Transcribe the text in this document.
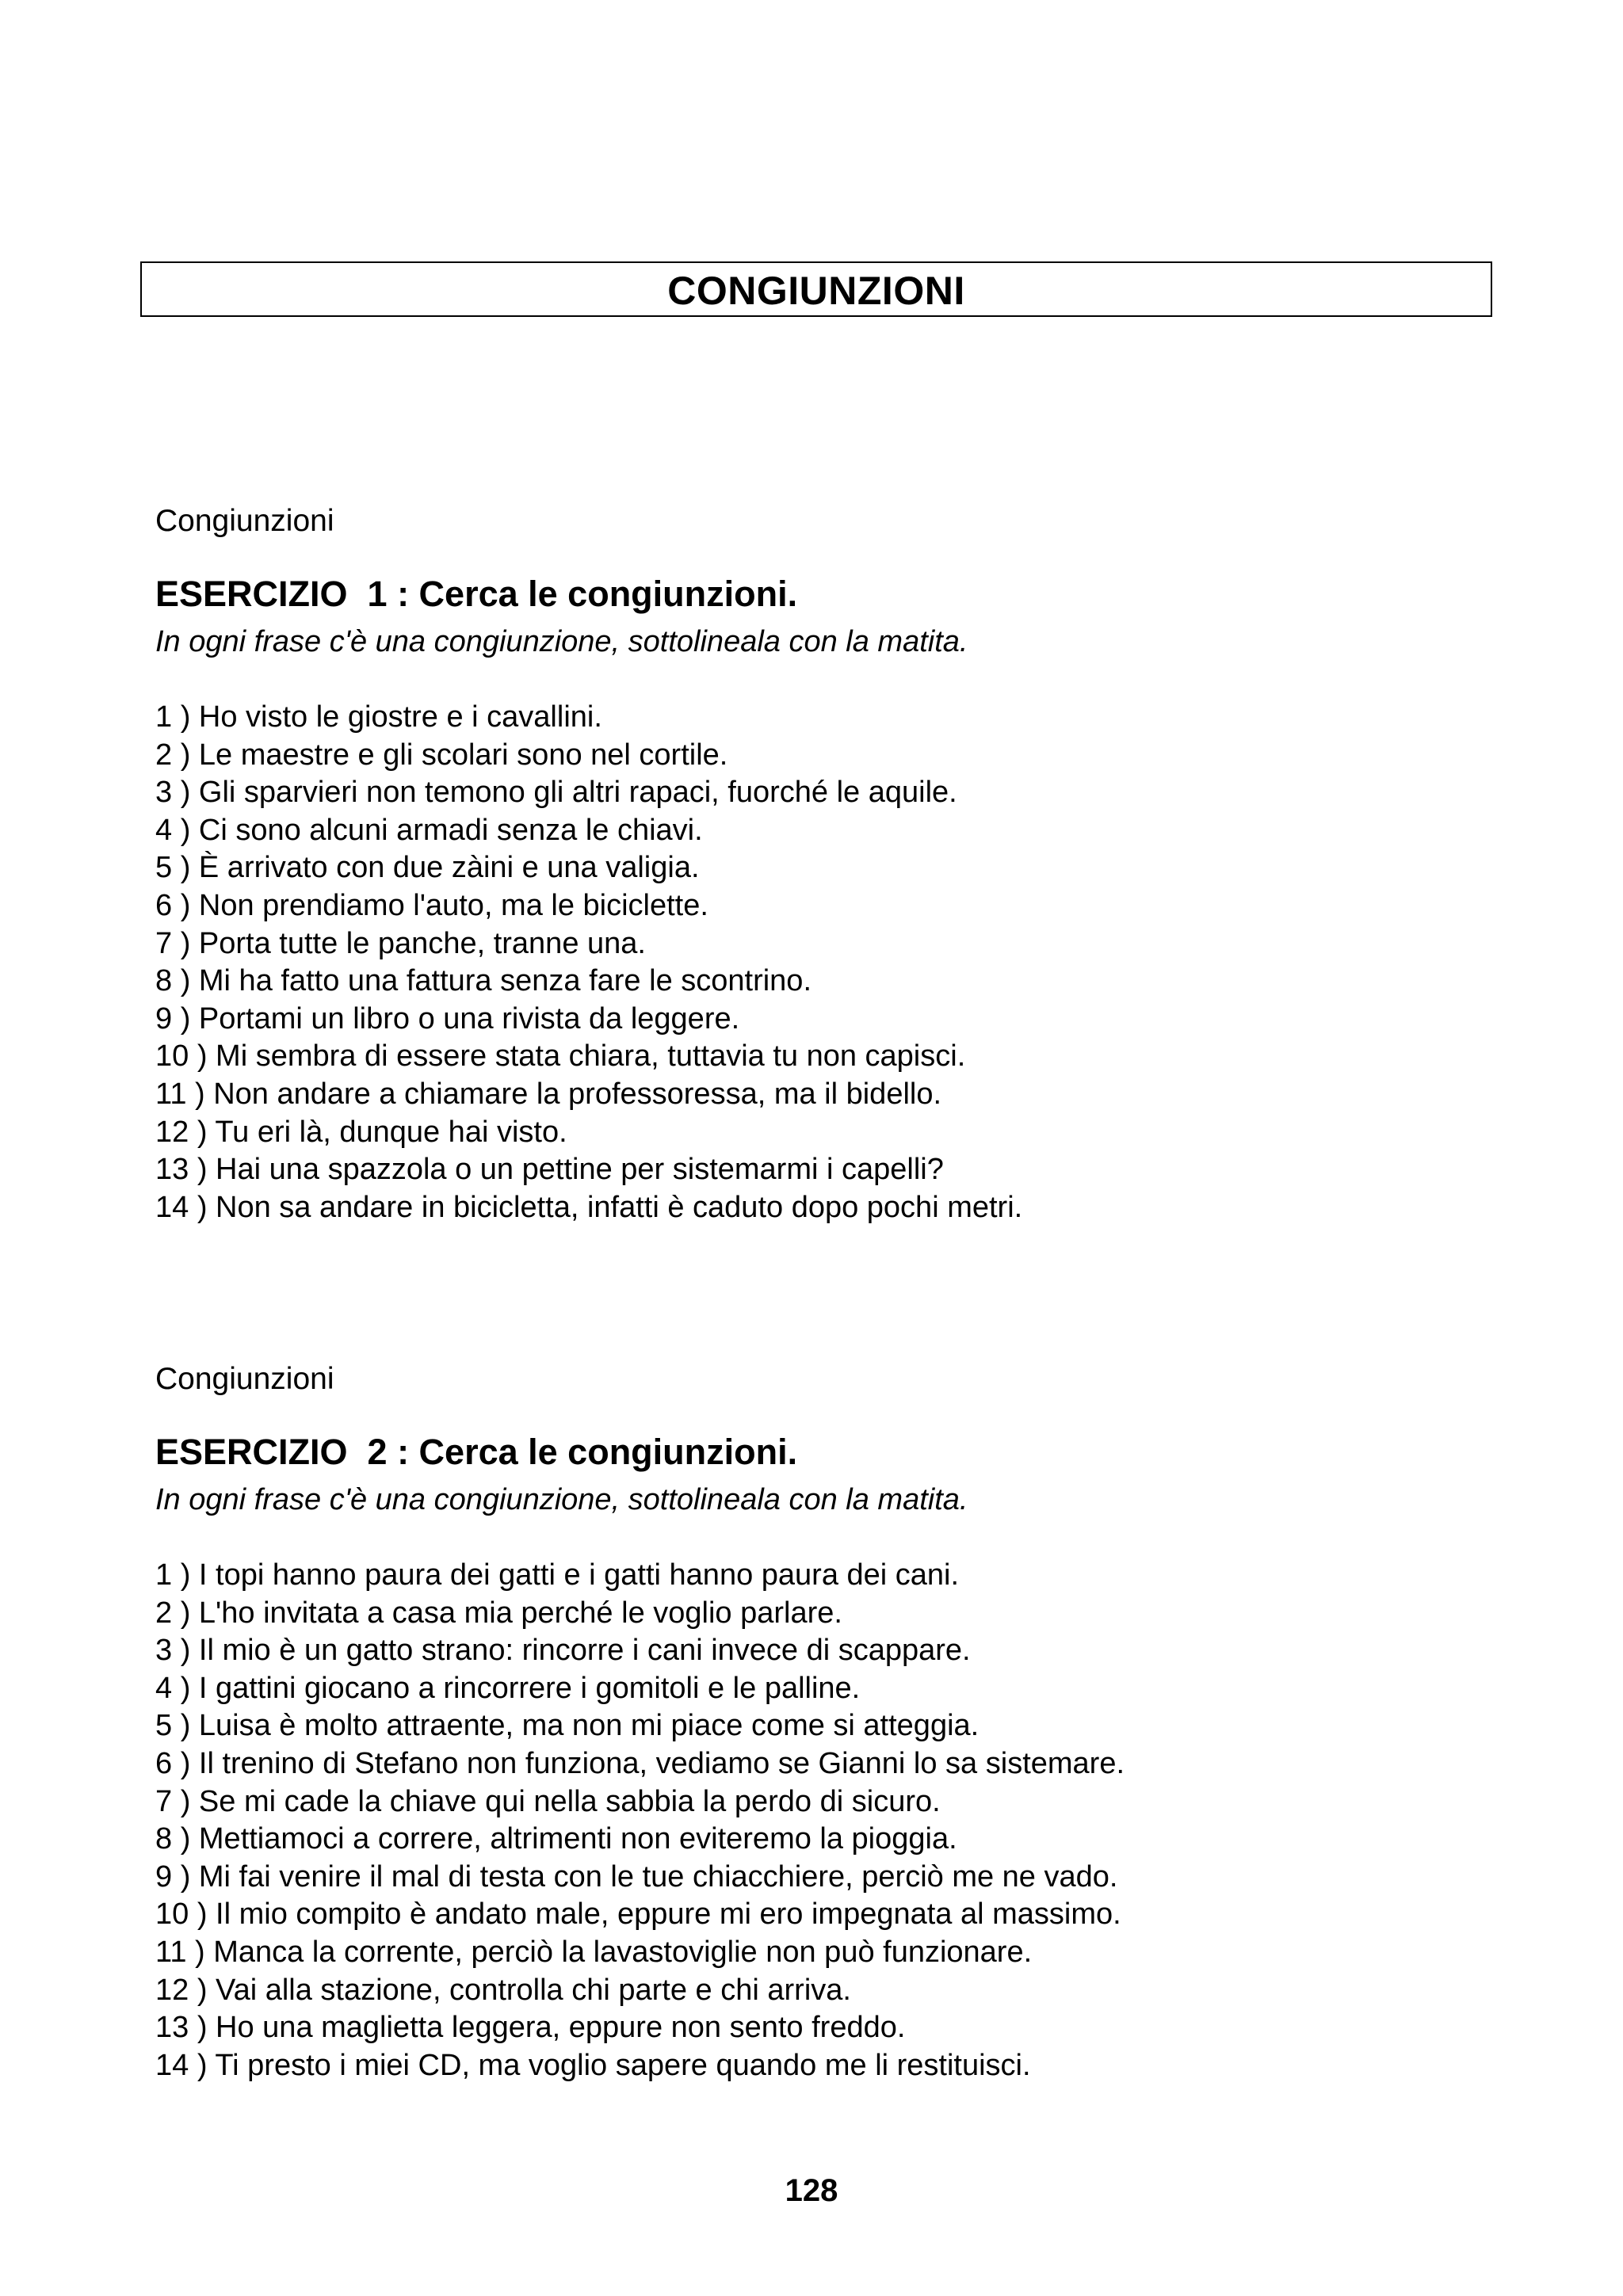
CONGIUNZIONI
Congiunzioni
ESERCIZIO  1 : Cerca le congiunzioni.
In ogni frase c'è una congiunzione, sottolineala con la matita.
1 ) Ho visto le giostre e i cavallini.
2 ) Le maestre e gli scolari sono nel cortile.
3 ) Gli sparvieri non temono gli altri rapaci, fuorché le aquile.
4 ) Ci sono alcuni armadi senza le chiavi.
5 ) È arrivato con due zàini e una valigia.
6 ) Non prendiamo l'auto, ma le biciclette.
7 ) Porta tutte le panche, tranne una.
8 ) Mi ha fatto una fattura senza fare le scontrino.
9 ) Portami un libro o una rivista da leggere.
10 ) Mi sembra di essere stata chiara, tuttavia tu non capisci.
11 ) Non andare a chiamare la professoressa, ma il bidello.
12 ) Tu eri là, dunque hai visto.
13 ) Hai una spazzola o un pettine per sistemarmi i capelli?
14 ) Non sa andare in bicicletta, infatti è caduto dopo pochi metri.
Congiunzioni
ESERCIZIO  2 : Cerca le congiunzioni.
In ogni frase c'è una congiunzione, sottolineala con la matita.
1 ) I topi hanno paura dei gatti e i gatti hanno paura dei cani.
2 ) L'ho invitata a casa mia perché le voglio parlare.
3 ) Il mio è un gatto strano: rincorre i cani invece di scappare.
4 ) I gattini giocano a rincorrere i gomitoli e le palline.
5 ) Luisa è molto attraente, ma non mi piace come si atteggia.
6 ) Il trenino di Stefano non funziona, vediamo se Gianni lo sa sistemare.
7 ) Se mi cade la chiave qui nella sabbia la perdo di sicuro.
8 ) Mettiamoci a correre, altrimenti non eviteremo la pioggia.
9 ) Mi fai venire il mal di testa con le tue chiacchiere, perciò me ne vado.
10 ) Il mio compito è andato male, eppure mi ero impegnata al massimo.
11 ) Manca la corrente, perciò la lavastoviglie non può funzionare.
12 ) Vai alla stazione, controlla chi parte e chi arriva.
13 ) Ho una maglietta leggera, eppure non sento freddo.
14 ) Ti presto i miei CD, ma voglio sapere quando me li restituisci.
128
